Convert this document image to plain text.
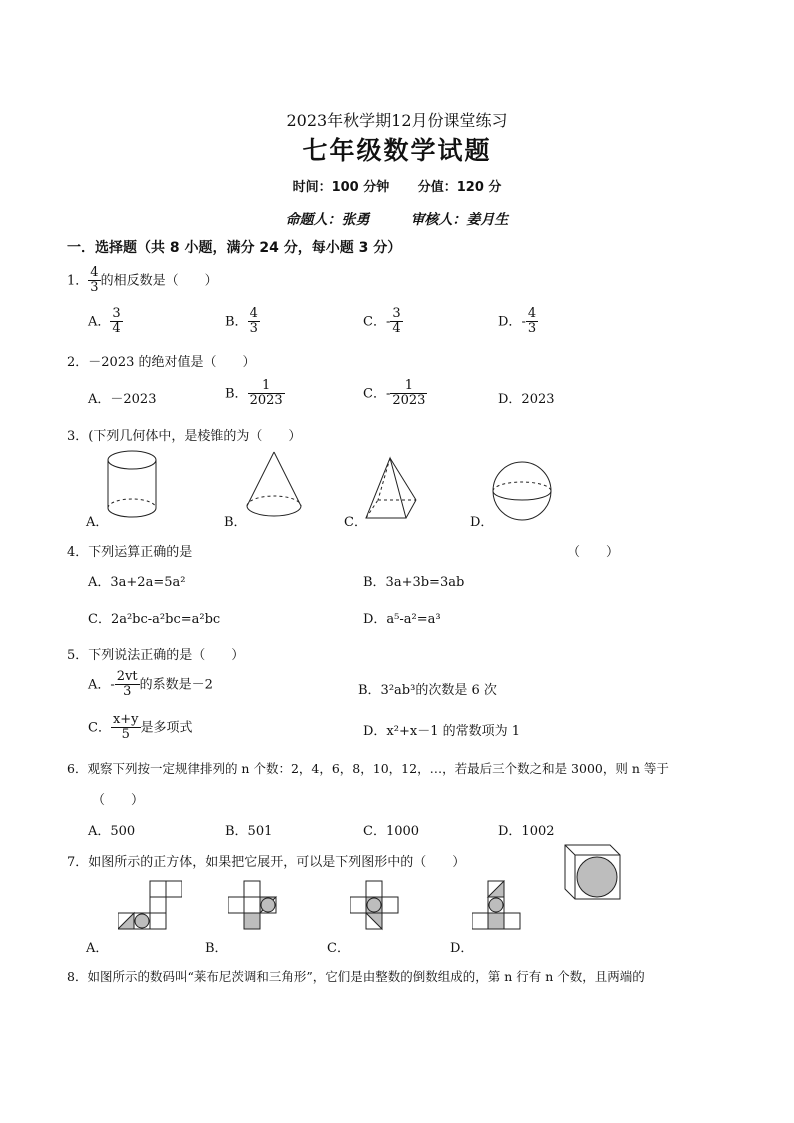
2023年秋学期12月份课堂练习
七年级数学试题
时间：100 分钟 分值：120 分
命题人：张勇	审核人：姜月生
一．选择题（共 8 小题，满分 24 分，每小题 3 分）
1． $\frac{4}{3}$ 的相反数是（　　）
A． $\frac{3}{4}$	B． $\frac{4}{3}$	C．- $\frac{3}{4}$	D．- $\frac{4}{3}$
2．－2023 的绝对值是（　　）
A．－2023	B． $\frac{1}{2023}$	C．- $\frac{1}{2023}$	D．2023
3．(下列几何体中，是棱锥的为（　　）
A．	B．	C．	D．
4．下列运算正确的是	（　　）
A．3a+2a=5a²	B．3a+3b=3ab
C．2a²bc-a²bc=a²bc	D．a⁵-a²=a³
5．下列说法正确的是（　　）
A．- $\frac{2vt}{3}$ 的系数是－2	B．3²ab³的次数是 6 次
C． $\frac{x+y}{5}$ 是多项式	D．x²+x－1 的常数项为 1
6．观察下列按一定规律排列的 n 个数：2，4，6，8，10，12，…，若最后三个数之和是 3000，则 n 等于
（　　）
A．500	B．501	C．1000	D．1002
7．如图所示的正方体，如果把它展开，可以是下列图形中的（　　）
A．	B．	C．	D．
8．如图所示的数码叫“莱布尼茨调和三角形”，它们是由整数的倒数组成的，第 n 行有 n 个数，且两端的
